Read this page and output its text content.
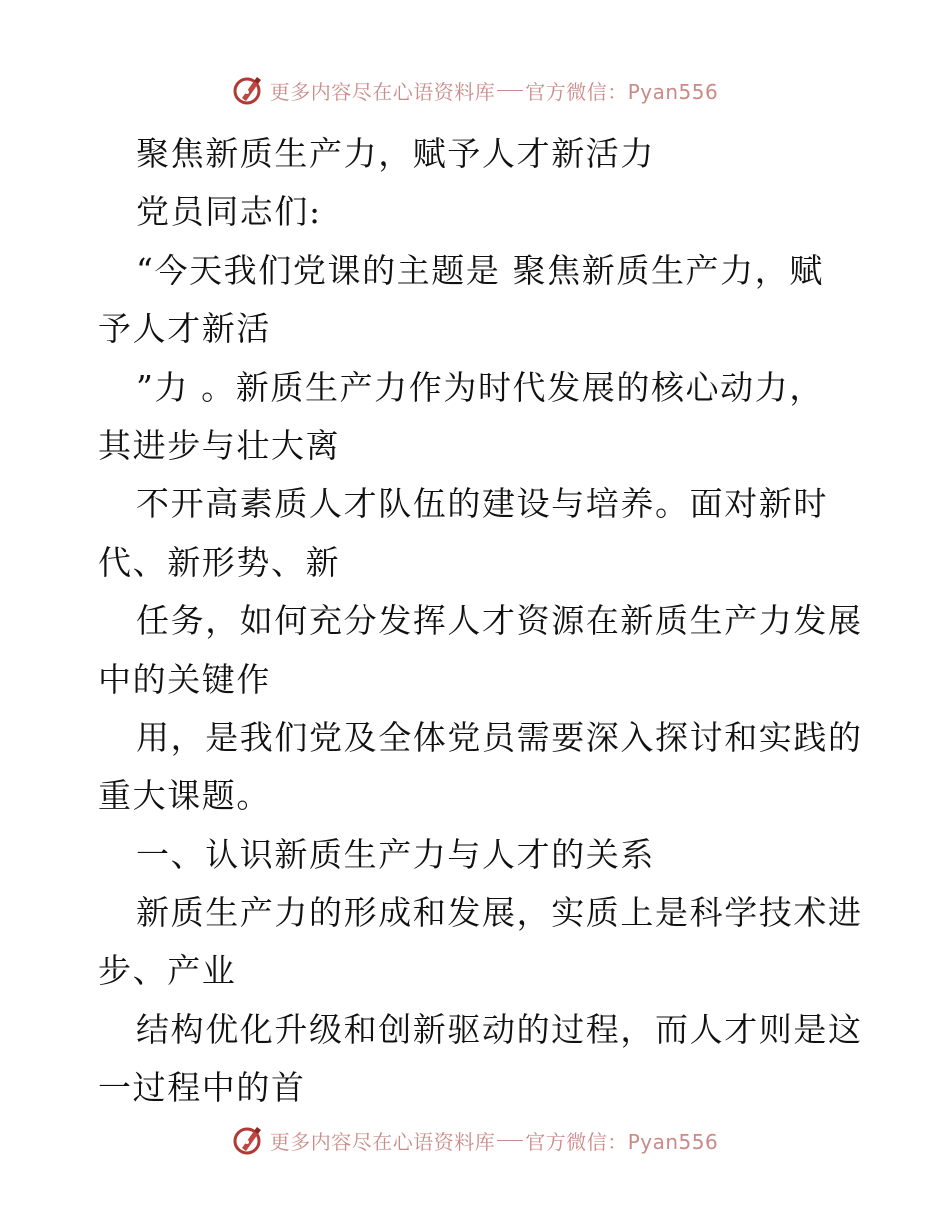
更多内容尽在心语资料库 官方微信：Pyan556
聚焦新质生产力，赋予人才新活力
党员同志们:
“今天我们党课的主题是 聚焦新质生产力，赋
予人才新活
”力 。新质生产力作为时代发展的核心动力，
其进步与壮大离
不开高素质人才队伍的建设与培养。面对新时
代、新形势、新
任务，如何充分发挥人才资源在新质生产力发展
中的关键作
用，是我们党及全体党员需要深入探讨和实践的
重大课题。
一、认识新质生产力与人才的关系
新质生产力的形成和发展，实质上是科学技术进
步、产业
结构优化升级和创新驱动的过程，而人才则是这
一过程中的首
更多内容尽在心语资料库 官方微信：Pyan556
